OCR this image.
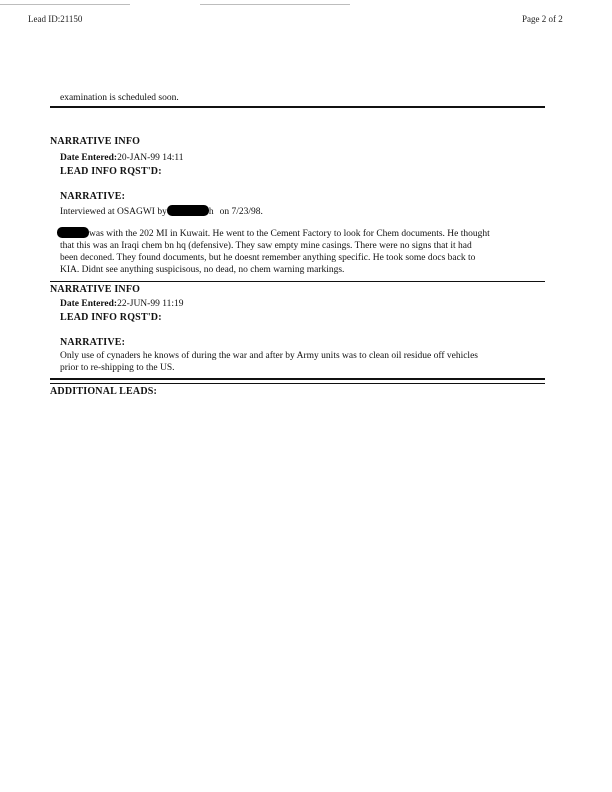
Lead ID:21150	Page 2 of 2
examination is scheduled soon.
NARRATIVE INFO
Date Entered:20-JAN-99 14:11
LEAD INFO RQST'D:
NARRATIVE:
Interviewed at OSAGWI by	h on 7/23/98.
was with the 202 MI in Kuwait. He went to the Cement Factory to look for Chem documents. He thought
that this was an Iraqi chem bn hq (defensive). They saw empty mine casings. There were no signs that it had
been deconed. They found documents, but he doesnt remember anything specific. He took some docs back to
KIA. Didnt see anything suspicisous, no dead, no chem warning markings.
NARRATIVE INFO
Date Entered:22-JUN-99 11:19
LEAD INFO RQST'D:
NARRATIVE:
Only use of cynaders he knows of during the war and after by Army units was to clean oil residue off vehicles
prior to re-shipping to the US.
ADDITIONAL LEADS:
